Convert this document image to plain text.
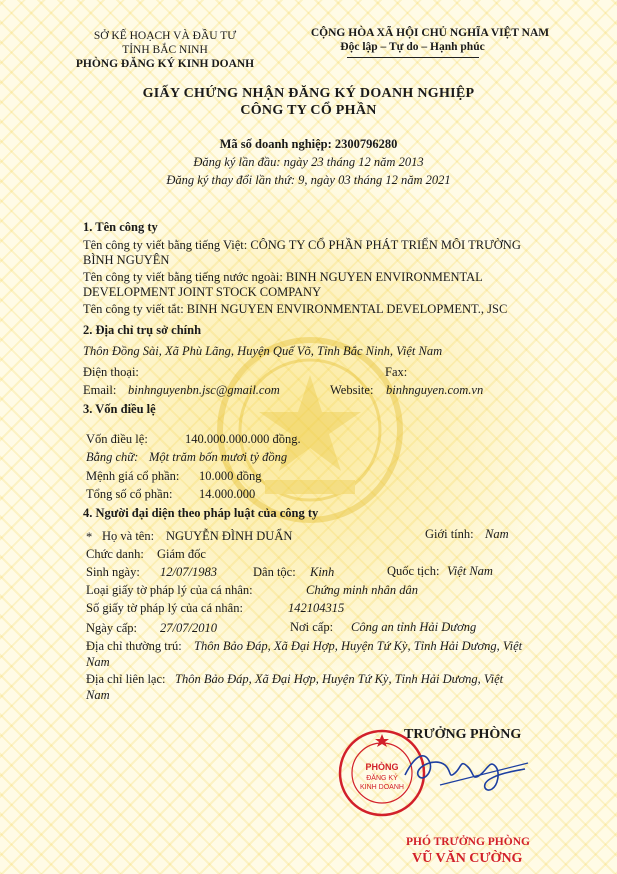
SỞ KẾ HOẠCH VÀ ĐẦU TƯ
TỈNH BẮC NINH
PHÒNG ĐĂNG KÝ KINH DOANH
CỘNG HÒA XÃ HỘI CHỦ NGHĨA VIỆT NAM
Độc lập – Tự do – Hạnh phúc
GIẤY CHỨNG NHẬN ĐĂNG KÝ DOANH NGHIỆP
CÔNG TY CỔ PHẦN
Mã số doanh nghiệp: 2300796280
Đăng ký lần đầu: ngày 23 tháng 12 năm 2013
Đăng ký thay đổi lần thứ: 9, ngày 03 tháng 12 năm 2021
1. Tên công ty
Tên công ty viết bằng tiếng Việt: CÔNG TY CỔ PHẦN PHÁT TRIỂN MÔI TRƯỜNG
BÌNH NGUYÊN
Tên công ty viết bằng tiếng nước ngoài: BINH NGUYEN ENVIRONMENTAL
DEVELOPMENT JOINT STOCK COMPANY
Tên công ty viết tắt: BINH NGUYEN ENVIRONMENTAL DEVELOPMENT., JSC
2. Địa chỉ trụ sở chính
Thôn Đồng Sài, Xã Phù Lãng, Huyện Quế Võ, Tỉnh Bắc Ninh, Việt Nam
Điện thoại:	Fax:
Email: binhnguyenbn.jsc@gmail.com	Website: binhnguyen.com.vn
3. Vốn điều lệ
Vốn điều lệ:	140.000.000.000 đồng.
Bằng chữ: Một trăm bốn mươi tỷ đồng
Mệnh giá cổ phần: 10.000 đồng
Tổng số cổ phần: 14.000.000
4. Người đại diện theo pháp luật của công ty
* Họ và tên: NGUYỄN ĐÌNH DUẨN	Giới tính: Nam
Chức danh: Giám đốc
Sinh ngày: 12/07/1983	Dân tộc: Kinh	Quốc tịch: Việt Nam
Loại giấy tờ pháp lý của cá nhân:	Chứng minh nhân dân
Số giấy tờ pháp lý của cá nhân:	142104315
Ngày cấp: 27/07/2010	Nơi cấp: Công an tỉnh Hải Dương
Địa chỉ thường trú: Thôn Bảo Đáp, Xã Đại Hợp, Huyện Tứ Kỳ, Tỉnh Hải Dương, Việt
Nam
Địa chỉ liên lạc: Thôn Bảo Đáp, Xã Đại Hợp, Huyện Tứ Kỳ, Tỉnh Hải Dương, Việt
Nam
TRƯỞNG PHÒNG
PHÒNG
ĐĂNG KÝ
KINH DOANH
PHÓ TRƯỞNG PHÒNG
VŨ VĂN CƯỜNG
